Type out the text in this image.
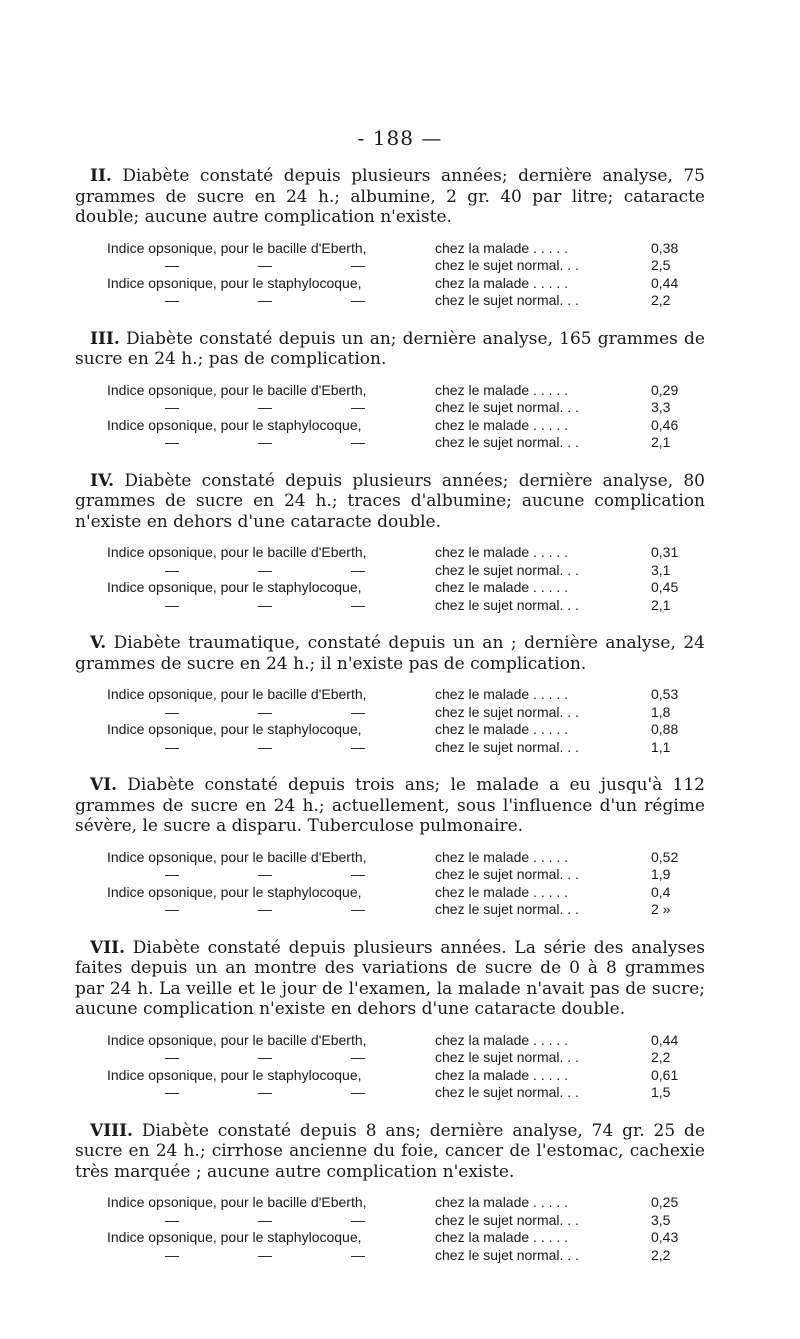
- 188 —

II. Diabète constaté depuis plusieurs années; dernière analyse, 75 grammes de sucre en 24 h.; albumine, 2 gr. 40 par litre; cataracte double; aucune autre complication n'existe.

Indice opsonique, pour le bacille d'Eberth,	chez la malade . . . . .	0,38
—	—	—	chez le sujet normal. . .	2,5
Indice opsonique, pour le staphylocoque,	chez la malade . . . . .	0,44
—	—	—	chez le sujet normal. . .	2,2

III. Diabète constaté depuis un an; dernière analyse, 165 grammes de sucre en 24 h.; pas de complication.

Indice opsonique, pour le bacille d'Eberth,	chez le malade . . . . .	0,29
—	—	—	chez le sujet normal. . .	3,3
Indice opsonique, pour le staphylocoque,	chez le malade . . . . .	0,46
—	—	—	chez le sujet normal. . .	2,1

IV. Diabète constaté depuis plusieurs années; dernière analyse, 80 grammes de sucre en 24 h.; traces d'albumine; aucune complication n'existe en dehors d'une cataracte double.

Indice opsonique, pour le bacille d'Eberth,	chez le malade . . . . .	0,31
—	—	—	chez le sujet normal. . .	3,1
Indice opsonique, pour le staphylocoque,	chez le malade . . . . .	0,45
—	—	—	chez le sujet normal. . .	2,1

V. Diabète traumatique, constaté depuis un an ; dernière analyse, 24 grammes de sucre en 24 h.; il n'existe pas de complication.

Indice opsonique, pour le bacille d'Eberth,	chez le malade . . . . .	0,53
—	—	—	chez le sujet normal. . .	1,8
Indice opsonique, pour le staphylocoque,	chez le malade . . . . .	0,88
—	—	—	chez le sujet normal. . .	1,1

VI. Diabète constaté depuis trois ans; le malade a eu jusqu'à 112 grammes de sucre en 24 h.; actuellement, sous l'influence d'un régime sévère, le sucre a disparu. Tuberculose pulmonaire.

Indice opsonique, pour le bacille d'Eberth,	chez le malade . . . . .	0,52
—	—	—	chez le sujet normal. . .	1,9
Indice opsonique, pour le staphylocoque,	chez le malade . . . . .	0,4
—	—	—	chez le sujet normal. . .	2 »

VII. Diabète constaté depuis plusieurs années. La série des analyses faites depuis un an montre des variations de sucre de 0 à 8 grammes par 24 h. La veille et le jour de l'examen, la malade n'avait pas de sucre; aucune complication n'existe en dehors d'une cataracte double.

Indice opsonique, pour le bacille d'Eberth,	chez la malade . . . . .	0,44
—	—	—	chez le sujet normal. . .	2,2
Indice opsonique, pour le staphylocoque,	chez la malade . . . . .	0,61
—	—	—	chez le sujet normal. . .	1,5

VIII. Diabète constaté depuis 8 ans; dernière analyse, 74 gr. 25 de sucre en 24 h.; cirrhose ancienne du foie, cancer de l'estomac, cachexie très marquée ; aucune autre complication n'existe.

Indice opsonique, pour le bacille d'Eberth,	chez la malade . . . . .	0,25
—	—	—	chez le sujet normal. . .	3,5
Indice opsonique, pour le staphylocoque,	chez la malade . . . . .	0,43
—	—	—	chez le sujet normal. . .	2,2
